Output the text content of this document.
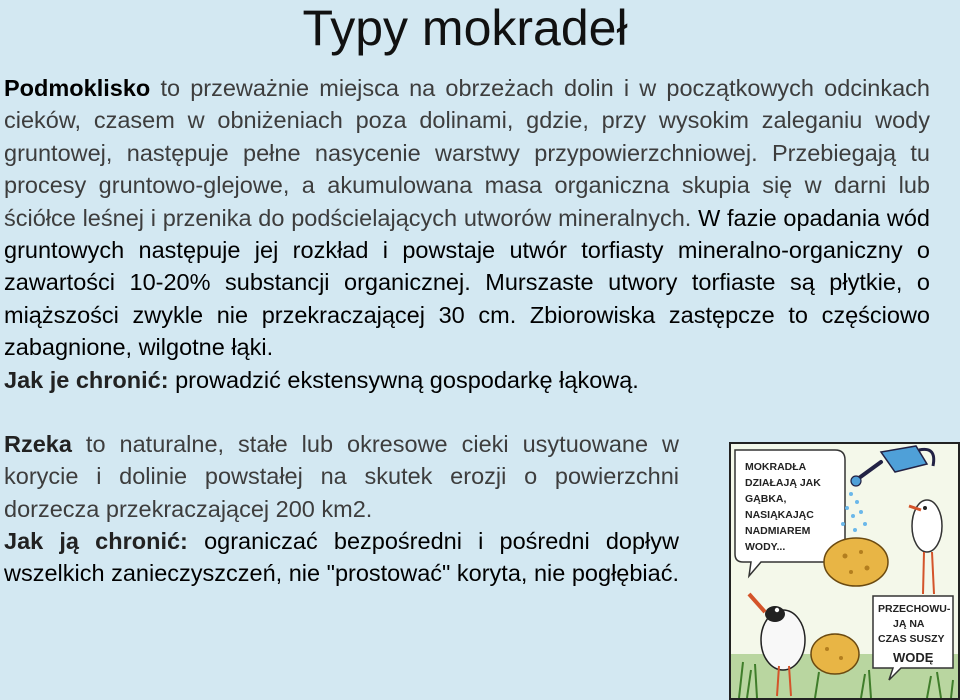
Typy mokradeł
Podmoklisko to przeważnie miejsca na obrzeżach dolin i w początkowych odcinkach cieków, czasem w obniżeniach poza dolinami, gdzie, przy wysokim zaleganiu wody gruntowej, następuje pełne nasycenie warstwy przypowierzchniowej. Przebiegają tu procesy gruntowo-glejowe, a akumulowana masa organiczna skupia się w darni lub ściółce leśnej i przenika do podścielających utworów mineralnych. W fazie opadania wód gruntowych następuje jej rozkład i powstaje utwór torfiasty mineralno-organiczny o zawartości 10-20% substancji organicznej. Murszaste utwory torfiaste są płytkie, o miąższości zwykle nie przekraczającej 30 cm. Zbiorowiska zastępcze to częściowo zabagnione, wilgotne łąki.
Jak je chronić: prowadzić ekstensywną gospodarkę łąkową.
Rzeka to naturalne, stałe lub okresowe cieki usytuowane w korycie i dolinie powstałej na skutek erozji o powierzchni dorzecza przekraczającej 200 km2.
Jak ją chronić: ograniczać bezpośredni i pośredni dopływ wszelkich zanieczyszczeń, nie "prostować" koryta, nie pogłębiać.
MOKRADŁA
DZIAŁAJĄ JAK
GĄBKA,
NASIĄKAJĄC
NADMIAREM
WODY...
PRZECHOWU-
JĄ NA
CZAS SUSZY
WODĘ
